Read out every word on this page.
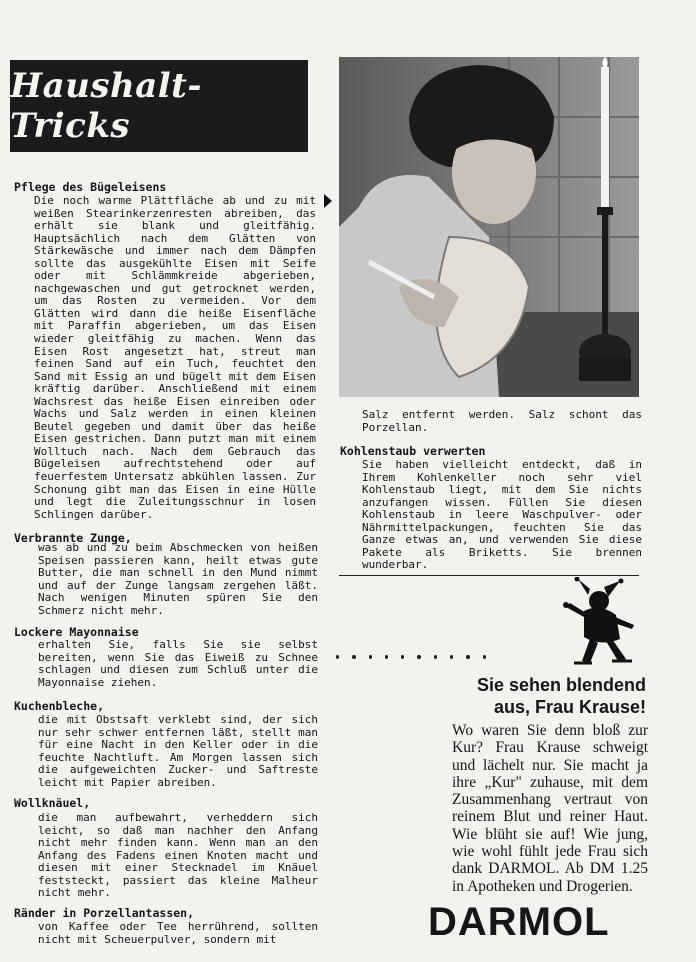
Haushalt-Tricks
Pflege des Bügeleisens
Die noch warme Plättfläche ab und zu mit weißen Stearinkerzenresten abreiben, das erhält sie blank und gleitfähig. Hauptsächlich nach dem Glätten von Stärkewäsche und immer nach dem Dämpfen sollte das ausgekühlte Eisen mit Seife oder mit Schlämmkreide abgerieben, nachgewaschen und gut getrocknet werden, um das Rosten zu vermeiden. Vor dem Glätten wird dann die heiße Eisenfläche mit Paraffin abgerieben, um das Eisen wieder gleitfähig zu machen. Wenn das Eisen Rost angesetzt hat, streut man feinen Sand auf ein Tuch, feuchtet den Sand mit Essig an und bügelt mit dem Eisen kräftig darüber. Anschließend mit einem Wachsrest das heiße Eisen einreiben oder Wachs und Salz werden in einen kleinen Beutel gegeben und damit über das heiße Eisen gestrichen. Dann putzt man mit einem Wolltuch nach. Nach dem Gebrauch das Bügeleisen aufrechtstehend oder auf feuerfestem Untersatz abkühlen lassen. Zur Schonung gibt man das Eisen in eine Hülle und legt die Zuleitungsschnur in losen Schlingen darüber.
Verbrannte Zunge,
was ab und zu beim Abschmecken von heißen Speisen passieren kann, heilt etwas gute Butter, die man schnell in den Mund nimmt und auf der Zunge langsam zergehen läßt. Nach wenigen Minuten spüren Sie den Schmerz nicht mehr.
Lockere Mayonnaise
erhalten Sie, falls Sie sie selbst bereiten, wenn Sie das Eiweiß zu Schnee schlagen und diesen zum Schluß unter die Mayonnaise ziehen.
Kuchenbleche,
die mit Obstsaft verklebt sind, der sich nur sehr schwer entfernen läßt, stellt man für eine Nacht in den Keller oder in die feuchte Nachtluft. Am Morgen lassen sich die aufgeweichten Zucker- und Saftreste leicht mit Papier abreiben.
Wollknäuel,
die man aufbewahrt, verheddern sich leicht, so daß man nachher den Anfang nicht mehr finden kann. Wenn man an den Anfang des Fadens einen Knoten macht und diesen mit einer Stecknadel im Knäuel feststeckt, passiert das kleine Malheur nicht mehr.
Ränder in Porzellantassen,
von Kaffee oder Tee herrührend, sollten nicht mit Scheuerpulver, sondern mit
Salz entfernt werden. Salz schont das Porzellan.
Kohlenstaub verwerten
Sie haben vielleicht entdeckt, daß in Ihrem Kohlenkeller noch sehr viel Kohlenstaub liegt, mit dem Sie nichts anzufangen wissen. Füllen Sie diesen Kohlenstaub in leere Waschpulver- oder Nährmittelpackungen, feuchten Sie das Ganze etwas an, und verwenden Sie diese Pakete als Briketts. Sie brennen wunderbar.
Sie sehen blendend
aus, Frau Krause!
Wo waren Sie denn bloß zur Kur? Frau Krause schweigt und lächelt nur. Sie macht ja ihre „Kur" zuhause, mit dem Zusammenhang vertraut von reinem Blut und reiner Haut. Wie blüht sie auf! Wie jung, wie wohl fühlt jede Frau sich dank DARMOL. Ab DM 1.25 in Apotheken und Drogerien.
DARMOL
